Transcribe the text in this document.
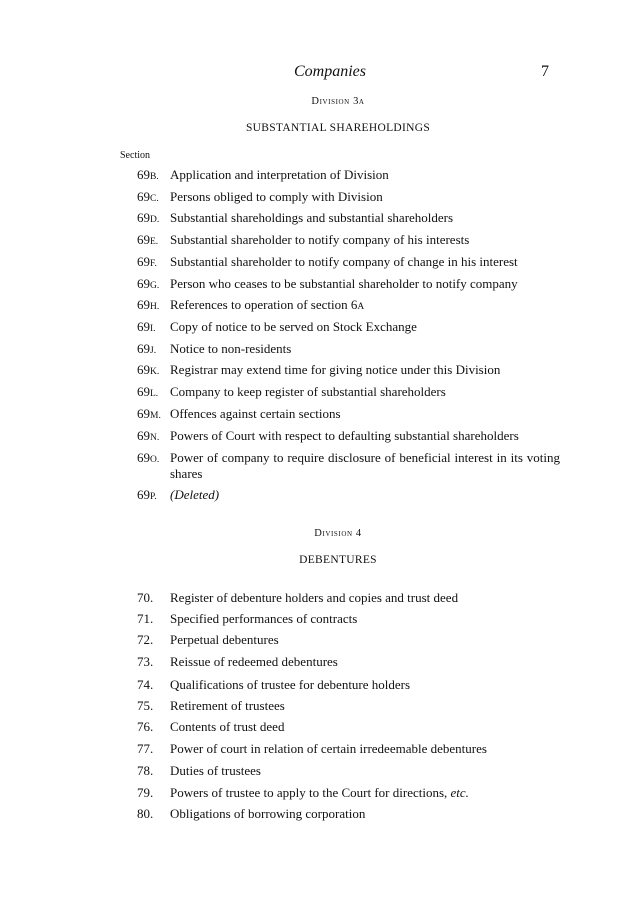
Companies	7
Division 3a
SUBSTANTIAL SHAREHOLDINGS
Section
69B. Application and interpretation of Division
69C. Persons obliged to comply with Division
69D. Substantial shareholdings and substantial shareholders
69E. Substantial shareholder to notify company of his interests
69F. Substantial shareholder to notify company of change in his interest
69G. Person who ceases to be substantial shareholder to notify company
69H. References to operation of section 6A
69I. Copy of notice to be served on Stock Exchange
69J. Notice to non-residents
69K. Registrar may extend time for giving notice under this Division
69L. Company to keep register of substantial shareholders
69M. Offences against certain sections
69N. Powers of Court with respect to defaulting substantial shareholders
69O. Power of company to require disclosure of beneficial interest in its voting shares
69P. (Deleted)
Division 4
DEBENTURES
70. Register of debenture holders and copies and trust deed
71. Specified performances of contracts
72. Perpetual debentures
73. Reissue of redeemed debentures
74. Qualifications of trustee for debenture holders
75. Retirement of trustees
76. Contents of trust deed
77. Power of court in relation of certain irredeemable debentures
78. Duties of trustees
79. Powers of trustee to apply to the Court for directions, etc.
80. Obligations of borrowing corporation
